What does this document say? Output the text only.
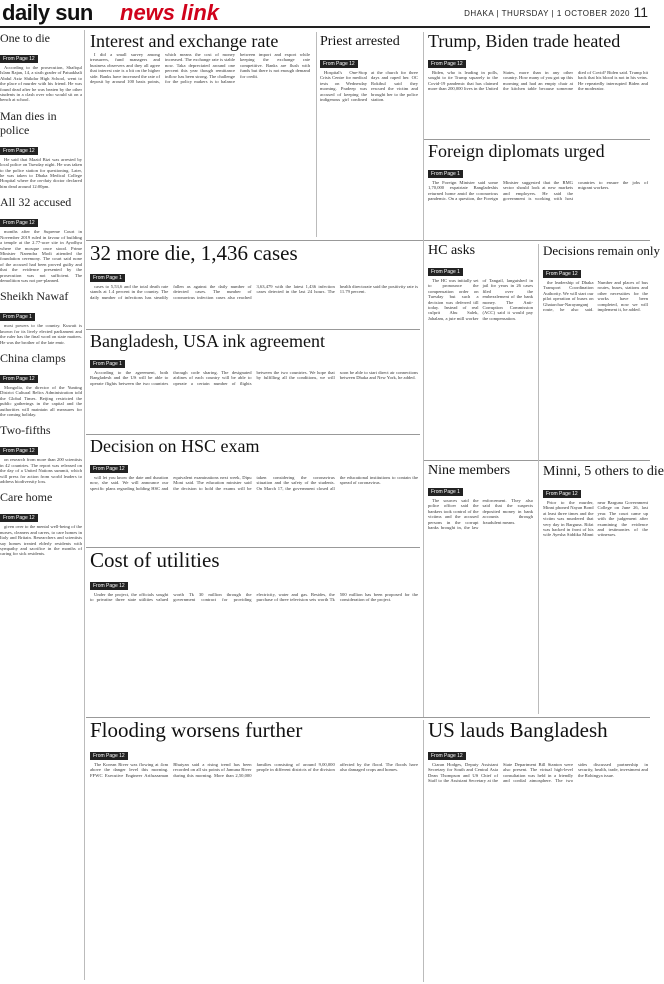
daily sun news link	DHAKA | THURSDAY | 1 OCTOBER 2020 11
One to die
From Page 12

According to the prosecution, Shafiqul Islam Rajan, 14, a sixth grader of Patuakhali Abdul Aziz Shikdar High School, went to the place of murder with his friend. He was found dead after he was beaten by the other students in a clash over who would sit on a bench at school.

Man dies in police
From Page 12

He said that Mazid Bizi was arrested by local police on Tuesday night. He was taken to the police station for questioning. Later, he was taken to Dhaka Medical College Hospital where the on-duty doctor declared him dead around 12:00pm.

All 32 accused
From Page 12

months after the Supreme Court in November 2019 ruled in favour of building a temple at the 2.77-acre site in Ayodhya where the mosque once stood. Prime Minister Narendra Modi attended the foundation ceremony. The court said none of the accused had been proved guilty and that the evidence presented by the prosecution was not sufficient. The demolition was not pre-planned.

Sheikh Nawaf
From Page 1

most powers to the country. Kuwait is known for its lively elected parliament and the ruler has the final word on state matters. He was the brother of the late emir.

China clamps
From Page 12

Mongolia, the director of the Yunting District Cultural Relics Administration told the Global Times. Beijing restricted the public gatherings in the capital and the authorities will maintain all measures for the coming holiday.

Two-fifths
From Page 12

on research from more than 200 scientists in 42 countries. The report was released on the day of a United Nations summit, which will press for action from world leaders to address biodiversity loss.

Care home
From Page 12

given over to the mental well-being of the nurses, cleaners and carers, to care homes in Italy and Britain. Researchers and scientists say homes treated elderly residents with sympathy and sacrifice in the months of caring for sick residents.

Interest and exchange rate

I did a small survey among treasurers, fund managers and business observers and they all agree that interest rate is a bit on the higher side. Banks have increased the rate of deposit by around 100 basis points, which means the cost of money increased. The exchange rate is stable now. Taka depreciated around one percent this year though remittance inflow has been strong. The challenge for the policy makers is to balance between import and export while keeping the exchange rate competitive. Banks are flush with funds but there is not enough demand for credit.

Priest arrested
From Page 12

Hospital's One-Stop Crisis Centre for medical tests on Wednesday morning. Pradeep was accused of keeping the indigenous girl confined at the church for three days and raped her. OC Rokibul said they rescued the victim and brought her to the police station.

Trump, Biden trade heated
From Page 12

Biden, who is leading in polls, sought to tie Trump squarely to the Covid-19 pandemic that has claimed more than 200,000 lives in the United States, more than in any other country. How many of you got up this morning and had an empty chair at the kitchen table because someone died of Covid? Biden said. Trump hit back that his blood is not in his veins. He repeatedly interrupted Biden and the moderator.

Foreign diplomats urged
From Page 1

The Foreign Minister said some 1,70,000 expatriate Bangladeshis returned home amid the coronavirus pandemic. On a question, the Foreign Minister suggested that the RMG sector should look at new markets and employers. He said the government is working with host countries to ensure the jobs of migrant workers.

32 more die, 1,436 cases
From Page 1

cases to 5,53,6 and the total death rate stands at 1.4 percent in the country. The daily number of infections has steadily fallen as against the daily number of detected cases. The number of coronavirus infection cases also reached 3,63,479 with the latest 1,436 infection cases detected in the last 24 hours. The health directorate said the positivity rate is 11.79 percent.

HC asks
From Page 1

The HC was initially set to pronounce the compensation order on Tuesday but such a decision was deferred till today. Instead of real culprit Abu Salek, Jahalam, a jute mill worker of Tangail, languished in jail for years in 26 cases filed over the embezzlement of the bank money. The Anti-Corruption Commission (ACC) said it would pay the compensation.

Decisions remain only
From Page 12

the leadership of Dhaka Transport Coordination Authority. We will start our pilot operation of buses on Ghatarchar-Narayanganj route, he also said. Number and places of bus routes, buses, stations and other necessities for the works have been completed, now we will implement it, he added.

Bangladesh, USA ink agreement
From Page 1

According to the agreement, both Bangladesh and the US will be able to operate flights between the two countries through code sharing. The designated airlines of each country will be able to operate a certain number of flights between the two countries. We hope that by fulfilling all the conditions, we will soon be able to start direct air connections between Dhaka and New York, he added.

Decision on HSC exam
From Page 12

will let you know the date and duration now, she said. We will announce our specific plans regarding holding HSC and equivalent examinations next week, Dipu Moni said. The education minister said the decision to hold the exams will be taken considering the coronavirus situation and the safety of the students. On March 17, the government closed all the educational institutions to contain the spread of coronavirus.

Nine members
From Page 1

The sources said the police officer said the bankers took control of the victims and the accused persons in the corrupt banks brought in, the law enforcement. They also said that the suspects deposited money in bank accounts through fraudulent means.

Minni, 5 others to die
From Page 12

Prior to the murder, Minni phoned Nayan Bond at least three times and the victim was murdered that very day in Barguna. Rifat was hacked in front of his wife Ayesha Siddika Minni near Barguna Government College on June 26, last year. The court came up with the judgement after examining the evidence and testimonies of the witnesses.

Cost of utilities
From Page 12

Under the project, the officials sought to privatise three state utilities valued worth Tk 30 million through the government contract for providing electricity, water and gas. Besides, the purchase of three television sets worth Tk 500 million has been proposed for the consideration of the project.

Flooding worsens further
From Page 12

The Korean River was flowing at 4cm above the danger level this morning. FFWC Executive Engineer Arifuzzaman Bhuiyan said a rising trend has been recorded on all six points of Jamuna River during this morning. More than 2,50,000 families consisting of around 9,00,000 people in different districts of the division affected by the flood. The floods have also damaged crops and homes.

US lauds Bangladesh
From Page 12

Ciaran Hodges, Deputy Assistant Secretary for South and Central Asia Dean Thompson and US Chief of Staff to the Assistant Secretary at the State Department Bill Stanton were also present. The virtual high-level consultation was held in a friendly and cordial atmosphere. The two sides discussed partnership in security, health, trade, investment and the Rohingya issue.
